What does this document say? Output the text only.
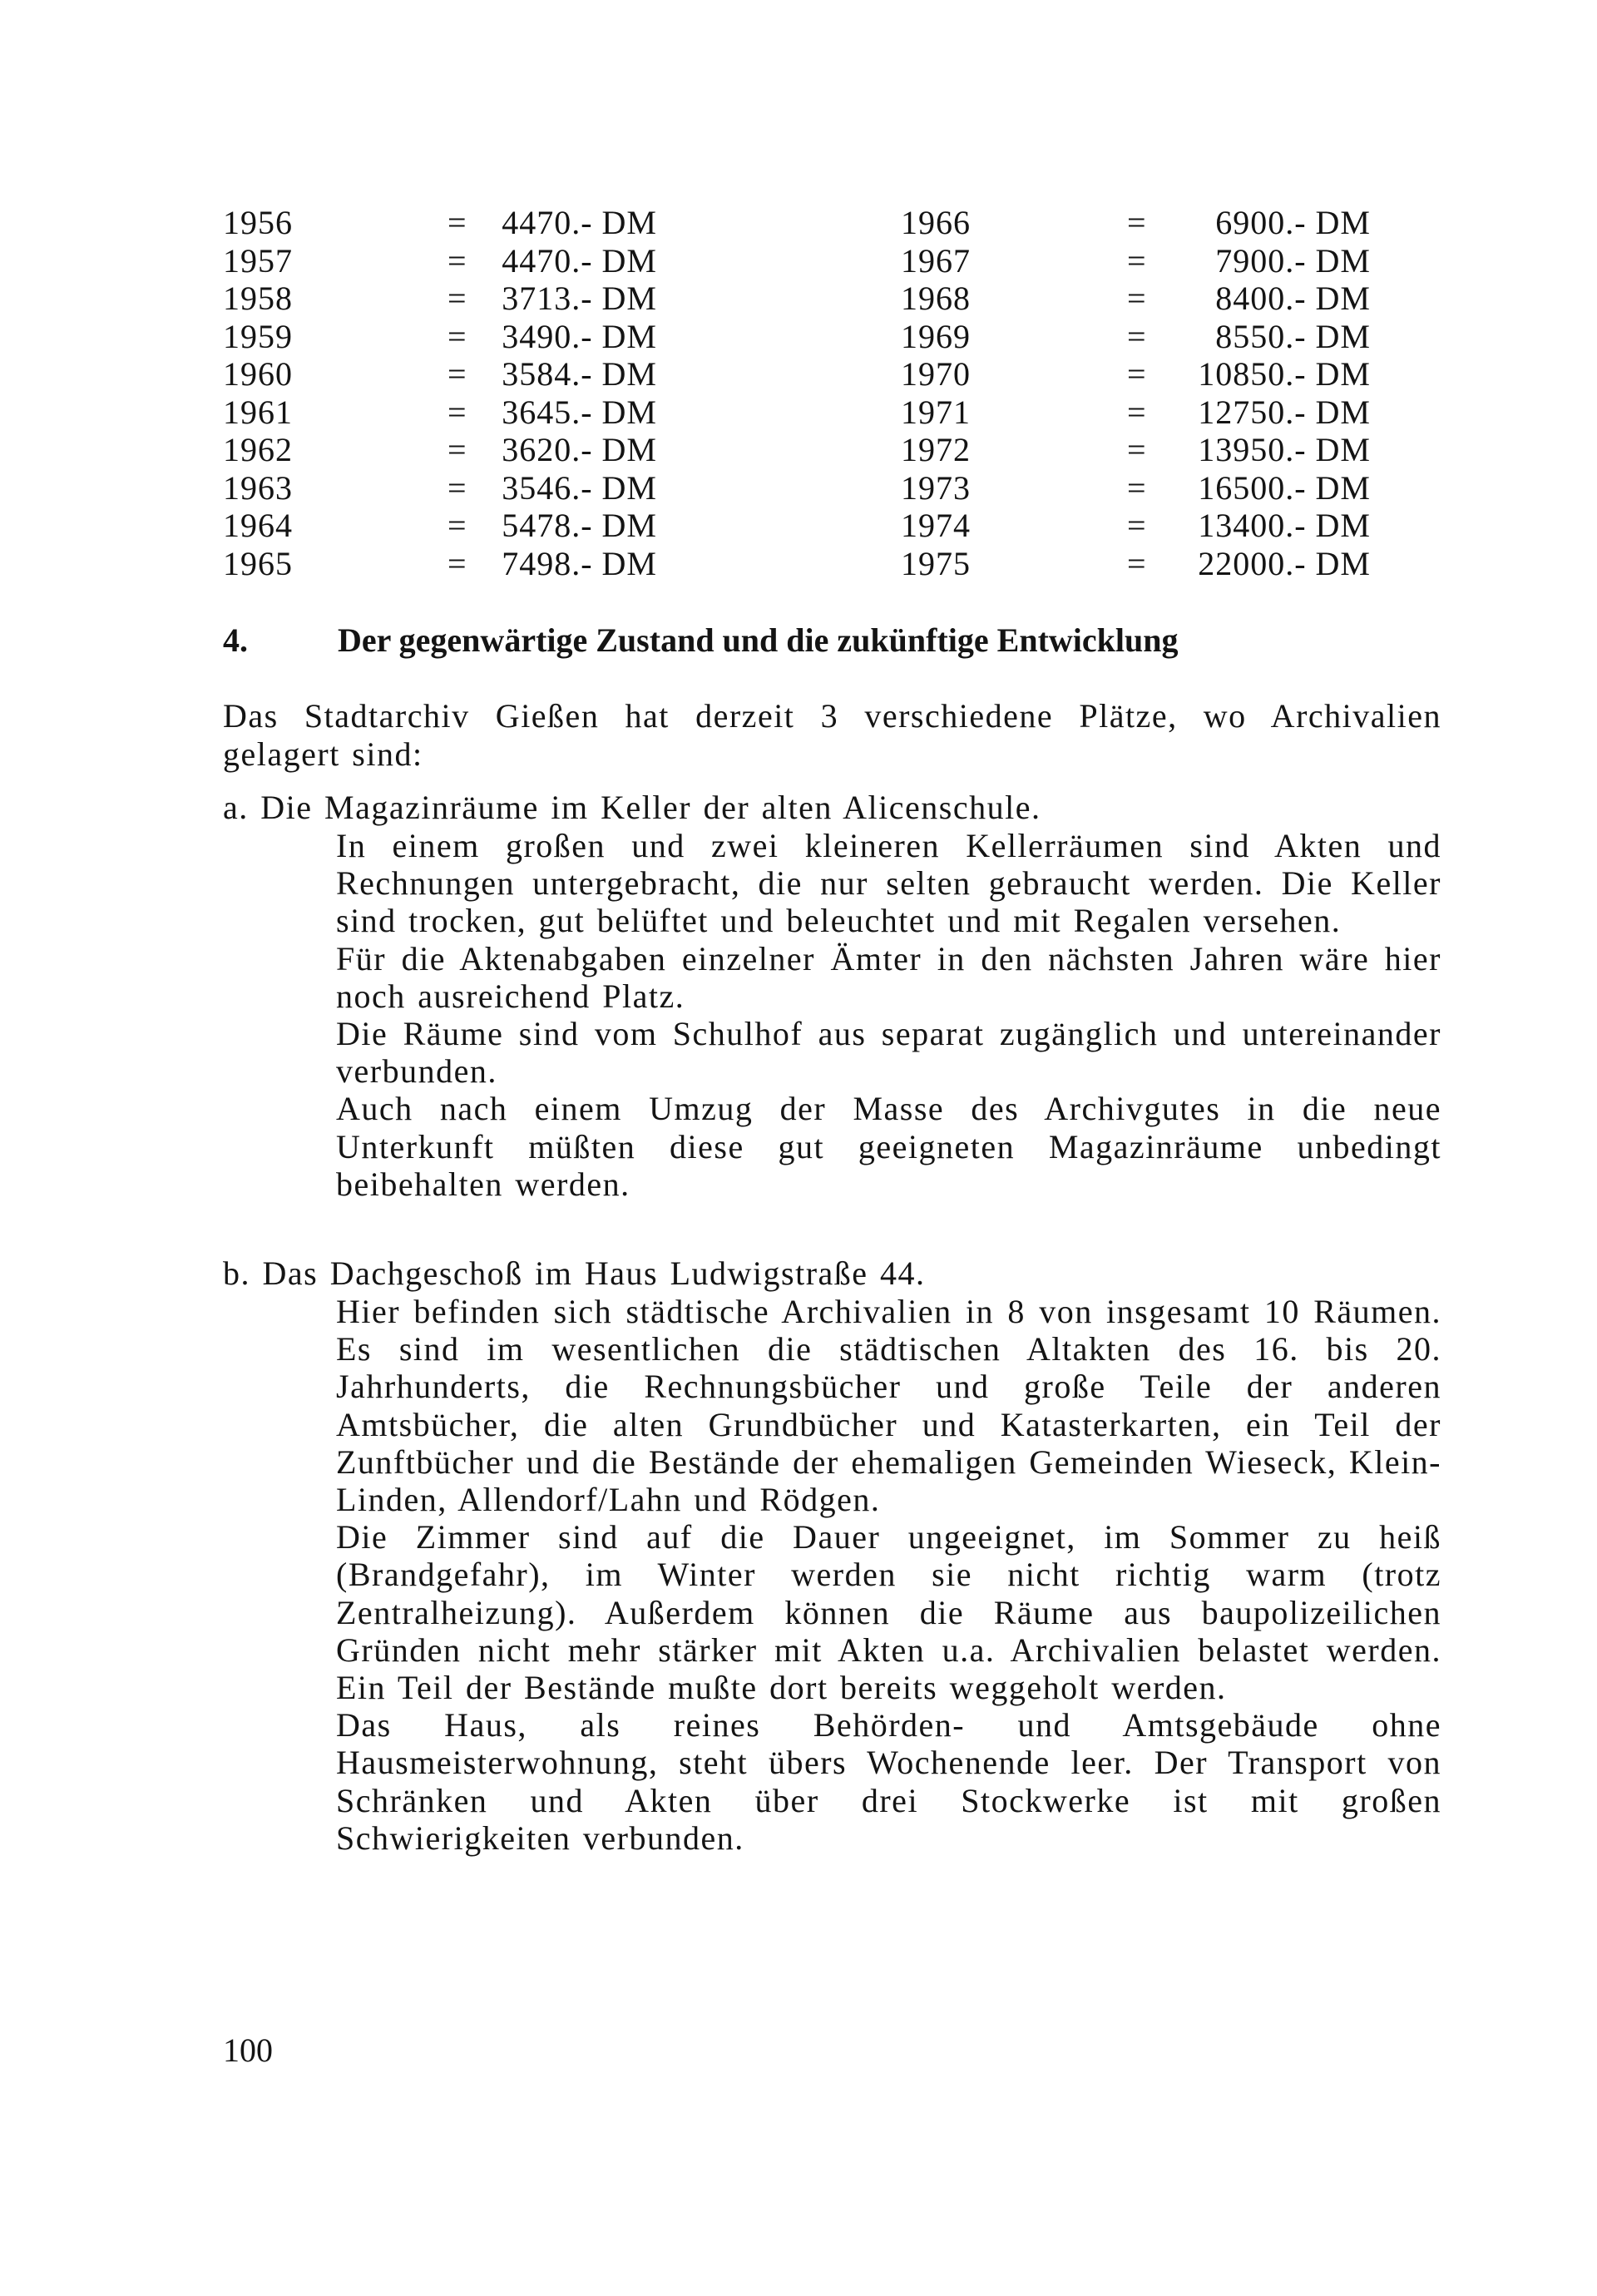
1956	=	4470.- DM	1966	=	6900.- DM
1957	=	4470.- DM	1967	=	7900.- DM
1958	=	3713.- DM	1968	=	8400.- DM
1959	=	3490.- DM	1969	=	8550.- DM
1960	=	3584.- DM	1970	=	10850.- DM
1961	=	3645.- DM	1971	=	12750.- DM
1962	=	3620.- DM	1972	=	13950.- DM
1963	=	3546.- DM	1973	=	16500.- DM
1964	=	5478.- DM	1974	=	13400.- DM
1965	=	7498.- DM	1975	=	22000.- DM
4.	Der gegenwärtige Zustand und die zukünftige Entwicklung

Das Stadtarchiv Gießen hat derzeit 3 verschiedene Plätze, wo Archivalien gelagert sind:

a. Die Magazinräume im Keller der alten Alicenschule.

In einem großen und zwei kleineren Kellerräumen sind Akten und Rechnungen untergebracht, die nur selten gebraucht werden. Die Keller sind trocken, gut belüftet und beleuchtet und mit Regalen versehen.

Für die Aktenabgaben einzelner Ämter in den nächsten Jahren wäre hier noch ausreichend Platz.

Die Räume sind vom Schulhof aus separat zugänglich und untereinander verbunden.

Auch nach einem Umzug der Masse des Archivgutes in die neue Unterkunft müßten diese gut geeigneten Magazinräume unbedingt beibehalten werden.

b. Das Dachgeschoß im Haus Ludwigstraße 44.

Hier befinden sich städtische Archivalien in 8 von insgesamt 10 Räumen. Es sind im wesentlichen die städtischen Altakten des 16. bis 20. Jahrhunderts, die Rechnungsbücher und große Teile der anderen Amtsbücher, die alten Grundbücher und Katasterkarten, ein Teil der Zunftbücher und die Bestände der ehemaligen Gemeinden Wieseck, Klein-Linden, Allendorf/Lahn und Rödgen.

Die Zimmer sind auf die Dauer ungeeignet, im Sommer zu heiß (Brandgefahr), im Winter werden sie nicht richtig warm (trotz Zentralheizung). Außerdem können die Räume aus baupolizeilichen Gründen nicht mehr stärker mit Akten u.a. Archivalien belastet werden. Ein Teil der Bestände mußte dort bereits weggeholt werden.

Das Haus, als reines Behörden- und Amtsgebäude ohne Hausmeisterwohnung, steht übers Wochenende leer. Der Transport von Schränken und Akten über drei Stockwerke ist mit großen Schwierigkeiten verbunden.

100
